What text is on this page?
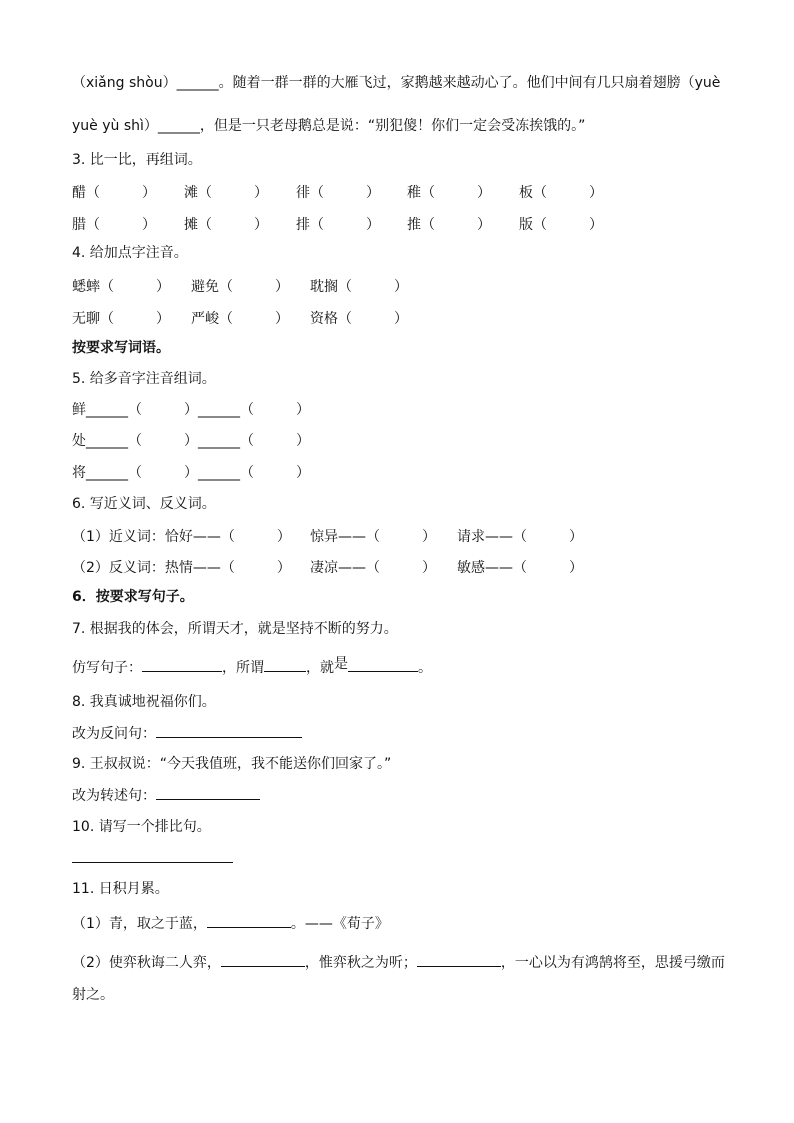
（xiǎng shòu）______。随着一群一群的大雁飞过，家鹅越来越动心了。他们中间有几只扇着翅膀（yuè
yuè yù shì）______，但是一只老母鹅总是说：“别犯傻！你们一定会受冻挨饿的。”
3. 比一比，再组词。
醋（　　　） 滩（　　　） 徘（　　　） 稚（　　　） 板（　　　）
腊（　　　） 摊（　　　） 排（　　　） 推（　　　） 版（　　　）
4. 给加点字注音。
蟋蟀（　　　） 避免（　　　） 耽搁（　　　）
无聊（　　　） 严峻（　　　） 资格（　　　）
按要求写词语。
5. 给多音字注音组词。
鲜______（　　　）______（　　　）
处______（　　　）______（　　　）
将______（　　　）______（　　　）
6. 写近义词、反义词。
（1）近义词：恰好——（　　　） 惊异——（　　　） 请求——（　　　）
（2）反义词：热情——（　　　） 凄凉——（　　　） 敏感——（　　　）
6．按要求写句子。
7. 根据我的体会，所谓天才，就是坚持不断的努力。
仿写句子：	，所谓	，就是	。
8. 我真诚地祝福你们。
改为反问句：
9. 王叔叔说：“今天我值班，我不能送你们回家了。”
改为转述句：
10. 请写一个排比句。
11. 日积月累。
（1）青，取之于蓝，	。——《荀子》
（2）使弈秋诲二人弈，	，惟弈秋之为听；	，一心以为有鸿鹄将至，思援弓缴而
射之。
